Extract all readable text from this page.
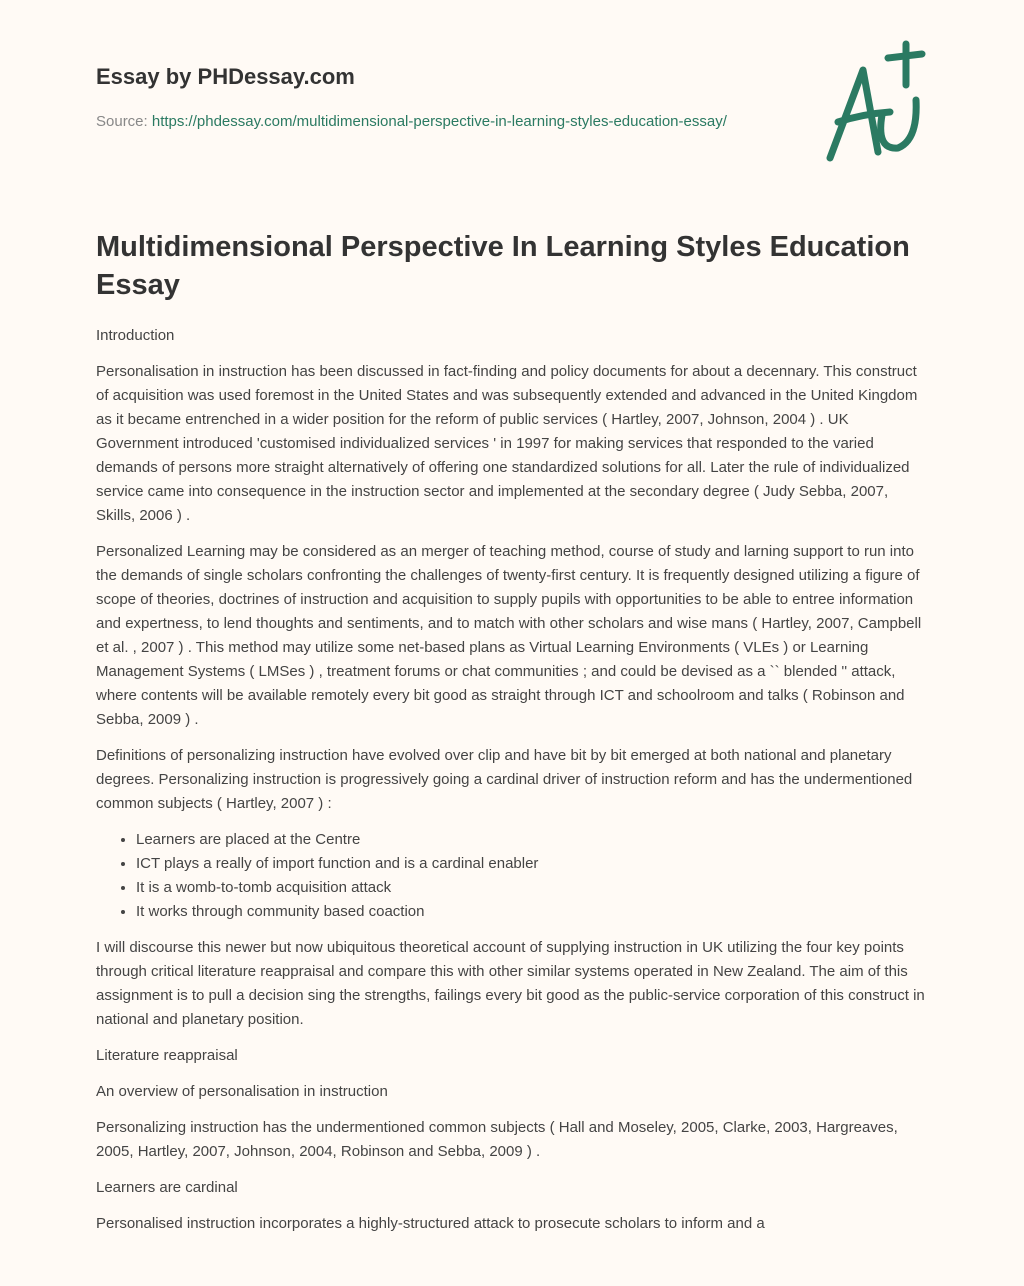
Essay by PHDessay.com
Source: https://phdessay.com/multidimensional-perspective-in-learning-styles-education-essay/
Multidimensional Perspective In Learning Styles Education Essay

Introduction

Personalisation in instruction has been discussed in fact-finding and policy documents for about a decennary. This construct of acquisition was used foremost in the United States and was subsequently extended and advanced in the United Kingdom as it became entrenched in a wider position for the reform of public services ( Hartley, 2007, Johnson, 2004 ) . UK Government introduced 'customised individualized services ' in 1997 for making services that responded to the varied demands of persons more straight alternatively of offering one standardized solutions for all. Later the rule of individualized service came into consequence in the instruction sector and implemented at the secondary degree ( Judy Sebba, 2007, Skills, 2006 ) .

Personalized Learning may be considered as an merger of teaching method, course of study and larning support to run into the demands of single scholars confronting the challenges of twenty-first century. It is frequently designed utilizing a figure of scope of theories, doctrines of instruction and acquisition to supply pupils with opportunities to be able to entree information and expertness, to lend thoughts and sentiments, and to match with other scholars and wise mans ( Hartley, 2007, Campbell et al. , 2007 ) . This method may utilize some net-based plans as Virtual Learning Environments ( VLEs ) or Learning Management Systems ( LMSes ) , treatment forums or chat communities ; and could be devised as a `` blended '' attack, where contents will be available remotely every bit good as straight through ICT and schoolroom and talks ( Robinson and Sebba, 2009 ) .

Definitions of personalizing instruction have evolved over clip and have bit by bit emerged at both national and planetary degrees. Personalizing instruction is progressively going a cardinal driver of instruction reform and has the undermentioned common subjects ( Hartley, 2007 ) :

• Learners are placed at the Centre
• ICT plays a really of import function and is a cardinal enabler
• It is a womb-to-tomb acquisition attack
• It works through community based coaction

I will discourse this newer but now ubiquitous theoretical account of supplying instruction in UK utilizing the four key points through critical literature reappraisal and compare this with other similar systems operated in New Zealand. The aim of this assignment is to pull a decision sing the strengths, failings every bit good as the public-service corporation of this construct in national and planetary position.

Literature reappraisal

An overview of personalisation in instruction

Personalizing instruction has the undermentioned common subjects ( Hall and Moseley, 2005, Clarke, 2003, Hargreaves, 2005, Hartley, 2007, Johnson, 2004, Robinson and Sebba, 2009 ) .

Learners are cardinal

Personalised instruction incorporates a highly-structured attack to prosecute scholars to inform and a
